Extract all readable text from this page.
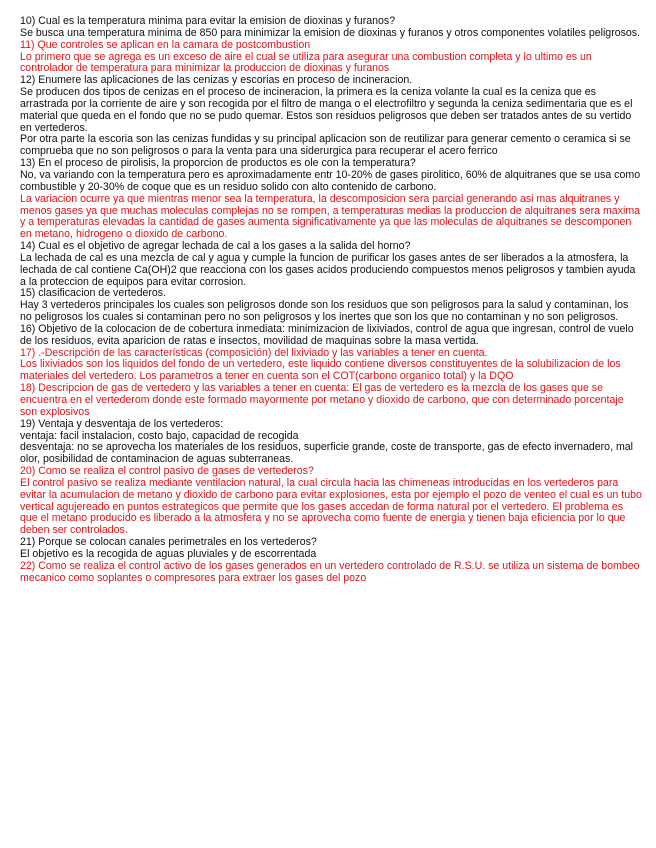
10) Cual es la temperatura minima para evitar la emision de dioxinas y furanos?

Se busca una temperatura minima de 850 para minimizar la emision de dioxinas y furanos y otros componentes volatiles peligrosos.

11) Que controles se aplican en la camara de postcombustion

Lo primero que se agrega es un exceso de aire el cual se utiliza para asegurar una combustion completa y lo ultimo es un controlador de temperatura para minimizar la produccion de dioxinas y furanos

12) Enumere las aplicaciones de las cenizas y escorias en proceso de incineracion.

Se producen dos tipos de cenizas en el proceso de incineracion, la primera es la ceniza volante la cual es la ceniza que es arrastrada por la corriente de aire y son recogida por el filtro de manga o el electrofiltro y segunda la ceniza sedimentaria que es el material que queda en el fondo que no se pudo quemar. Estos son residuos peligrosos que deben ser tratados antes de su vertido en vertederos.

Por otra parte la escoria son las cenizas fundidas y su principal aplicacion son de reutilizar para generar cemento o ceramica si se comprueba que no son peligrosos o para la venta para una siderurgica para recuperar el acero ferrico

13) En el proceso de pirolisis, la proporcion de productos es ole con la temperatura?

No, va variando con la temperatura pero es aproximadamente entr 10-20% de gases pirolitico, 60% de alquitranes que se usa como combustible y 20-30% de coque que es un residuo solido con alto contenido de carbono.

La variacion ocurre ya que mientras menor sea la temperatura, la descomposicion sera parcial generando asi mas alquitranes y menos gases ya que muchas moleculas complejas no se rompen, a temperaturas medias la produccion de alquitranes sera maxima y a temperaturas elevadas la cantidad de gases aumenta significativamente ya que las moleculas de alquitranes se descomponen en metano, hidrogeno o dioxido de carbono.

14) Cual es el objetivo de agregar lechada de cal a los gases a la salida del horno?

La lechada de cal es una mezcla de cal y agua y cumple la funcion de purificar los gases antes de ser liberados a la atmosfera, la lechada de cal contiene Ca(OH)2 que reacciona con los gases acidos produciendo compuestos menos peligrosos y tambien ayuda a la proteccion de equipos para evitar corrosion.

15) clasificacion de vertederos.

Hay 3 vertederos principales los cuales son peligrosos donde son los residuos que son peligrosos para la salud y contaminan, los no peligrosos los cuales si contaminan pero no son peligrosos y los inertes que son los que no contaminan y no son peligrosos.

16) Objetivo de la colocacion de de cobertura inmediata: minimizacion de lixiviados, control de agua que ingresan, control de vuelo de los residuos, evita aparicion de ratas e insectos, movilidad de maquinas sobre la masa vertida.

17) .-Descripción de las características (composición) del lixiviado y las variables a tener en cuenta.

Los lixiviados son los liquidos del fondo de un vertedero, este liquido contiene diversos constituyentes de la solubilizacion de los materiales del vertedero. Los parametros a tener en cuenta son el COT(carbono organico total) y la DQO

18) Descripcion de gas de vertedero y las variables a tener en cuenta: El gas de vertedero es la mezcla de los gases que se encuentra en el vertederom donde este formado mayormente por metano y dioxido de carbono, que con determinado porcentaje son explosivos

19) Ventaja y desventaja de los vertederos:

ventaja: facil instalacion, costo bajo, capacidad de recogida

desventaja: no se aprovecha los materiales de los residuos, superficie grande, coste de transporte, gas de efecto invernadero, mal olor, posibilidad de contaminacion de aguas subterraneas.

20) Como se realiza el control pasivo de gases de vertederos?

El control pasivo se realiza mediante ventilacion natural, la cual circula hacia las chimeneas introducidas en los vertederos para evitar la acumulacion de metano y dioxido de carbono para evitar explosiones, esta por ejemplo el pozo de venteo el cual es un tubo vertical agujereado en puntos estrategicos que permite que los gases accedan de forma natural por el vertedero. El problema es que el metano producido es liberado a la atmosfera y no se aprovecha como fuente de energia y tienen baja eficiencia por lo que deben ser controlados.

21) Porque se colocan canales perimetrales en los vertederos?

El objetivo es la recogida de aguas pluviales y de escorrentada

22) Como se realiza el control activo de los gases generados en un vertedero controlado de R.S.U. se utiliza un sistema de bombeo mecanico como soplantes o compresores para extraer los gases del pozo
